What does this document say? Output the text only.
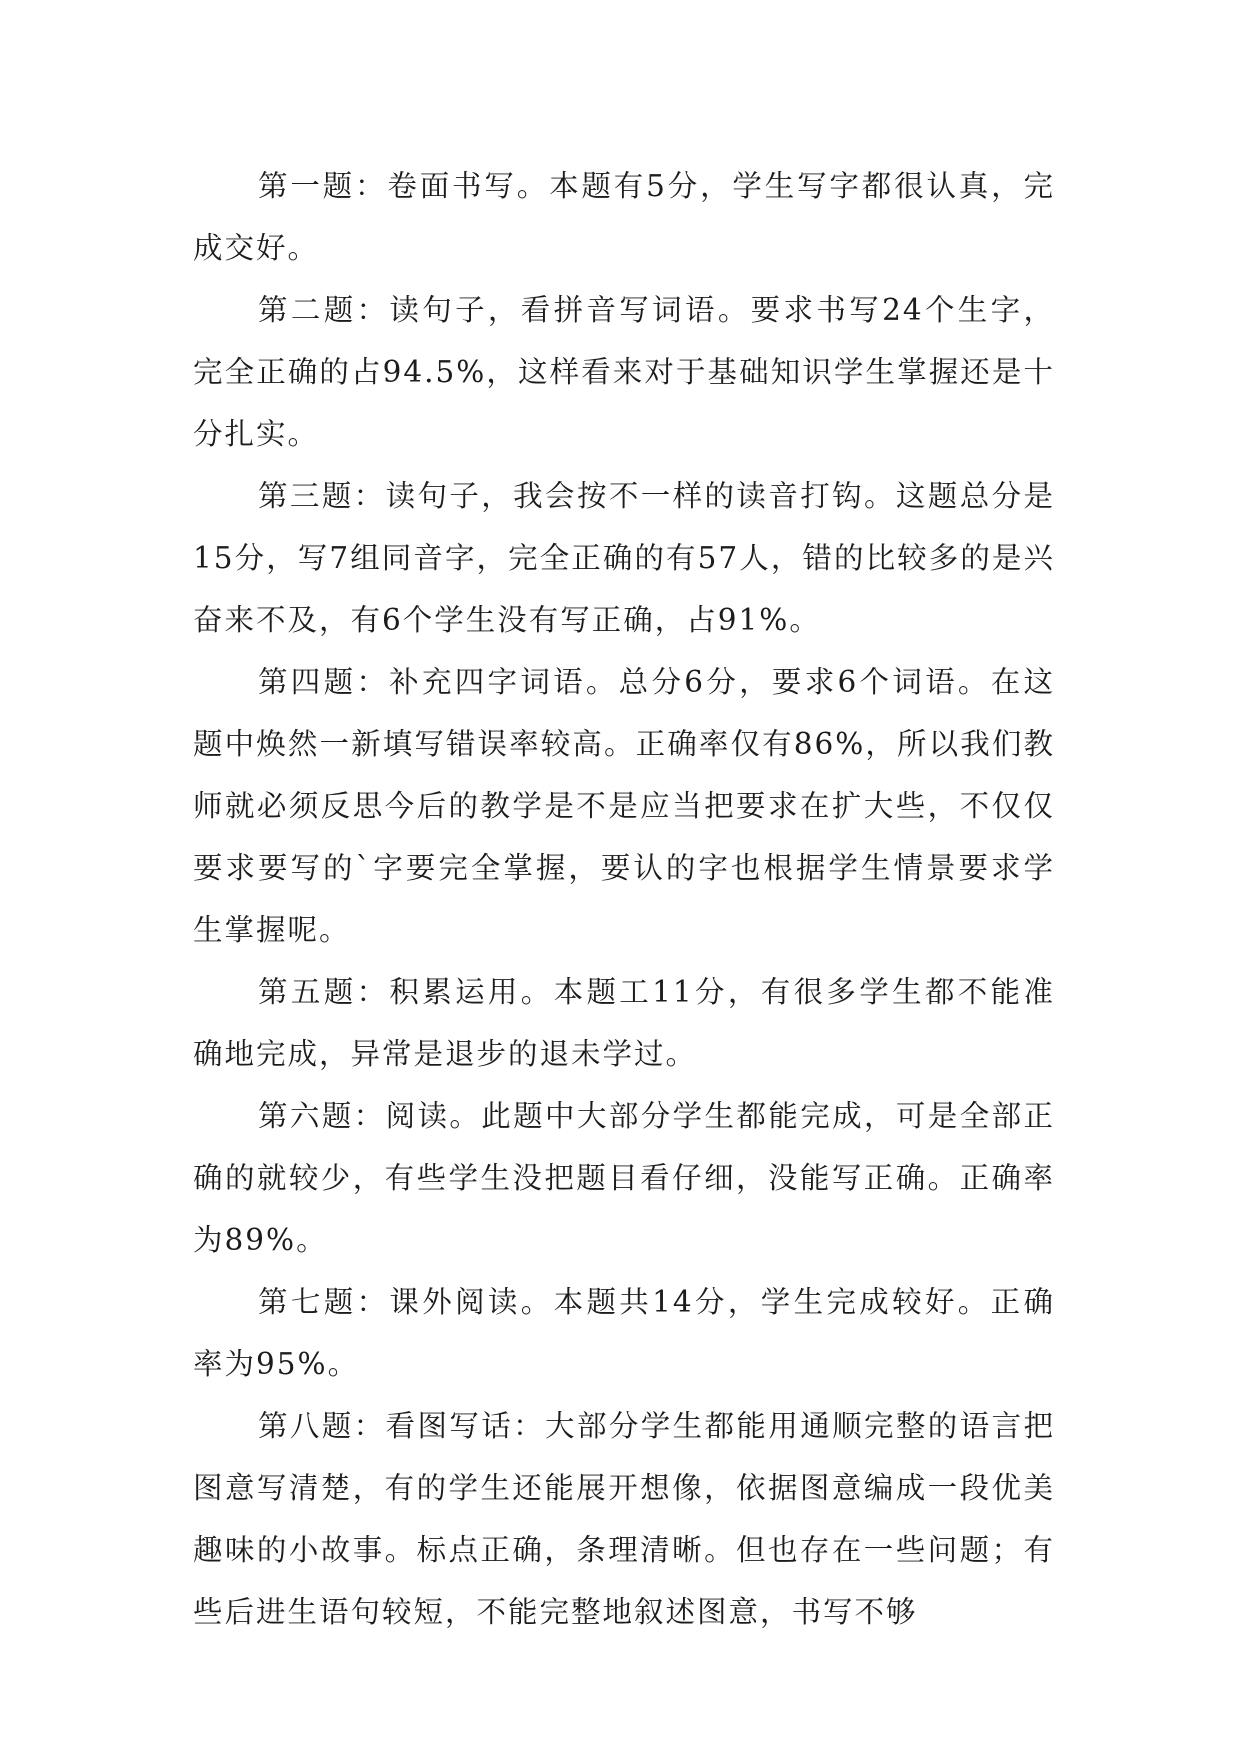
第一题：卷面书写。本题有5分，学生写字都很认真，完成交好。

第二题：读句子，看拼音写词语。要求书写24个生字，完全正确的占94.5%，这样看来对于基础知识学生掌握还是十分扎实。

第三题：读句子，我会按不一样的读音打钩。这题总分是15分，写7组同音字，完全正确的有57人，错的比较多的是兴奋来不及，有6个学生没有写正确，占91%。

第四题：补充四字词语。总分6分，要求6个词语。在这题中焕然一新填写错误率较高。正确率仅有86%，所以我们教师就必须反思今后的教学是不是应当把要求在扩大些，不仅仅要求要写的`字要完全掌握，要认的字也根据学生情景要求学生掌握呢。

第五题：积累运用。本题工11分，有很多学生都不能准确地完成，异常是退步的退未学过。

第六题：阅读。此题中大部分学生都能完成，可是全部正确的就较少，有些学生没把题目看仔细，没能写正确。正确率为89%。

第七题：课外阅读。本题共14分，学生完成较好。正确率为95%。

第八题：看图写话：大部分学生都能用通顺完整的语言把图意写清楚，有的学生还能展开想像，依据图意编成一段优美趣味的小故事。标点正确，条理清晰。但也存在一些问题；有些后进生语句较短，不能完整地叙述图意，书写不够
